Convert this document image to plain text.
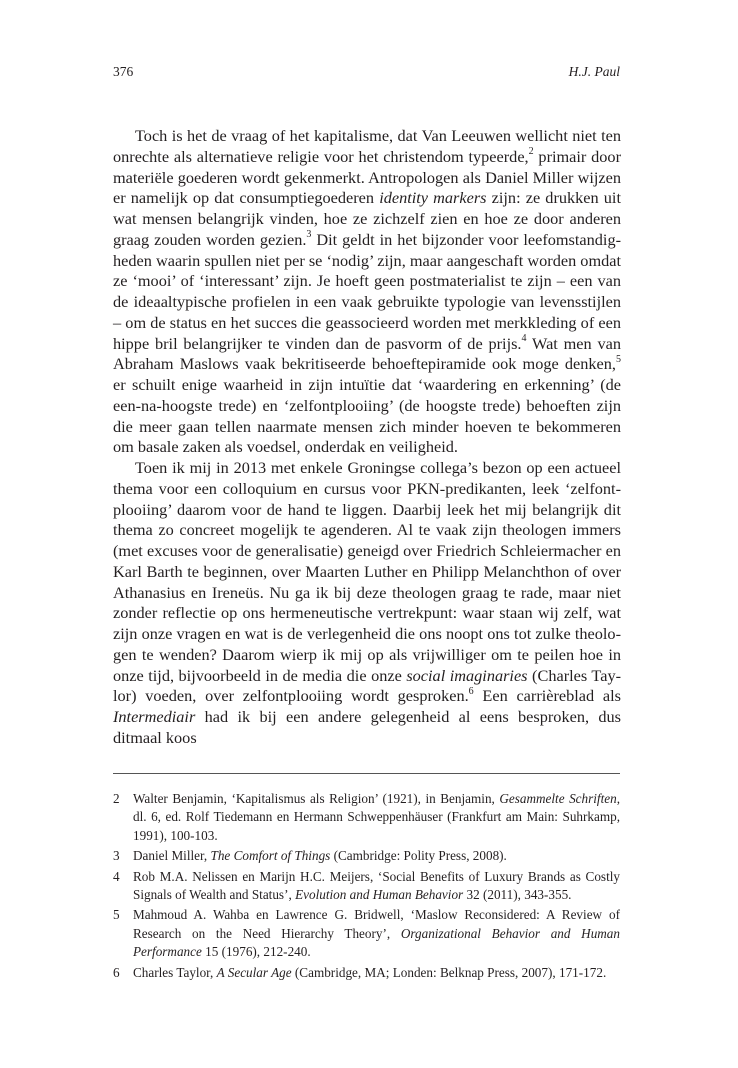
376	H.J. Paul

Toch is het de vraag of het kapitalisme, dat Van Leeuwen wellicht niet ten onrechte als alternatieve religie voor het christendom typeerde,$^2$ primair door materiële goederen wordt gekenmerkt. Antropologen als Daniel Miller wijzen er namelijk op dat consumptiegoederen identity markers zijn: ze drukken uit wat mensen belangrijk vinden, hoe ze zichzelf zien en hoe ze door anderen graag zouden worden gezien.$^3$ Dit geldt in het bijzonder voor leefomstandigheden waarin spullen niet per se ‘nodig’ zijn, maar aangeschaft worden omdat ze ‘mooi’ of ‘interessant’ zijn. Je hoeft geen postmaterialist te zijn – een van de ideaaltypische profielen in een vaak gebruikte typologie van levensstijlen – om de status en het succes die geassocieerd worden met merkkleding of een hippe bril belangrijker te vinden dan de pasvorm of de prijs.$^4$ Wat men van Abraham Maslows vaak bekritiseerde behoeftepiramide ook moge denken,$^5$ er schuilt enige waarheid in zijn intuïtie dat ‘waardering en erkenning’ (de een-na-hoogste trede) en ‘zelfontplooiing’ (de hoogste trede) behoeften zijn die meer gaan tellen naarmate mensen zich minder hoeven te bekommeren om basale zaken als voedsel, onderdak en veiligheid.

Toen ik mij in 2013 met enkele Groningse collega’s bezon op een actueel thema voor een colloquium en cursus voor PKN-predikanten, leek ‘zelfontplooiing’ daarom voor de hand te liggen. Daarbij leek het mij belangrijk dit thema zo concreet mogelijk te agenderen. Al te vaak zijn theologen immers (met excuses voor de generalisatie) geneigd over Friedrich Schleiermacher en Karl Barth te beginnen, over Maarten Luther en Philipp Melanchthon of over Athanasius en Ireneüs. Nu ga ik bij deze theologen graag te rade, maar niet zonder reflectie op ons hermeneutische vertrekpunt: waar staan wij zelf, wat zijn onze vragen en wat is de verlegenheid die ons noopt ons tot zulke theologen te wenden? Daarom wierp ik mij op als vrijwilliger om te peilen hoe in onze tijd, bijvoorbeeld in de media die onze social imaginaries (Charles Taylor) voeden, over zelfontplooiing wordt gesproken.$^6$ Een carrièreblad als Intermediair had ik bij een andere gelegenheid al eens besproken, dus ditmaal koos

2	Walter Benjamin, ‘Kapitalismus als Religion’ (1921), in Benjamin, Gesammelte Schriften, dl. 6, ed. Rolf Tiedemann en Hermann Schweppenhäuser (Frankfurt am Main: Suhrkamp, 1991), 100-103.
3	Daniel Miller, The Comfort of Things (Cambridge: Polity Press, 2008).
4	Rob M.A. Nelissen en Marijn H.C. Meijers, ‘Social Benefits of Luxury Brands as Costly Signals of Wealth and Status’, Evolution and Human Behavior 32 (2011), 343-355.
5	Mahmoud A. Wahba en Lawrence G. Bridwell, ‘Maslow Reconsidered: A Review of Research on the Need Hierarchy Theory’, Organizational Behavior and Human Performance 15 (1976), 212-240.
6	Charles Taylor, A Secular Age (Cambridge, MA; Londen: Belknap Press, 2007), 171-172.
